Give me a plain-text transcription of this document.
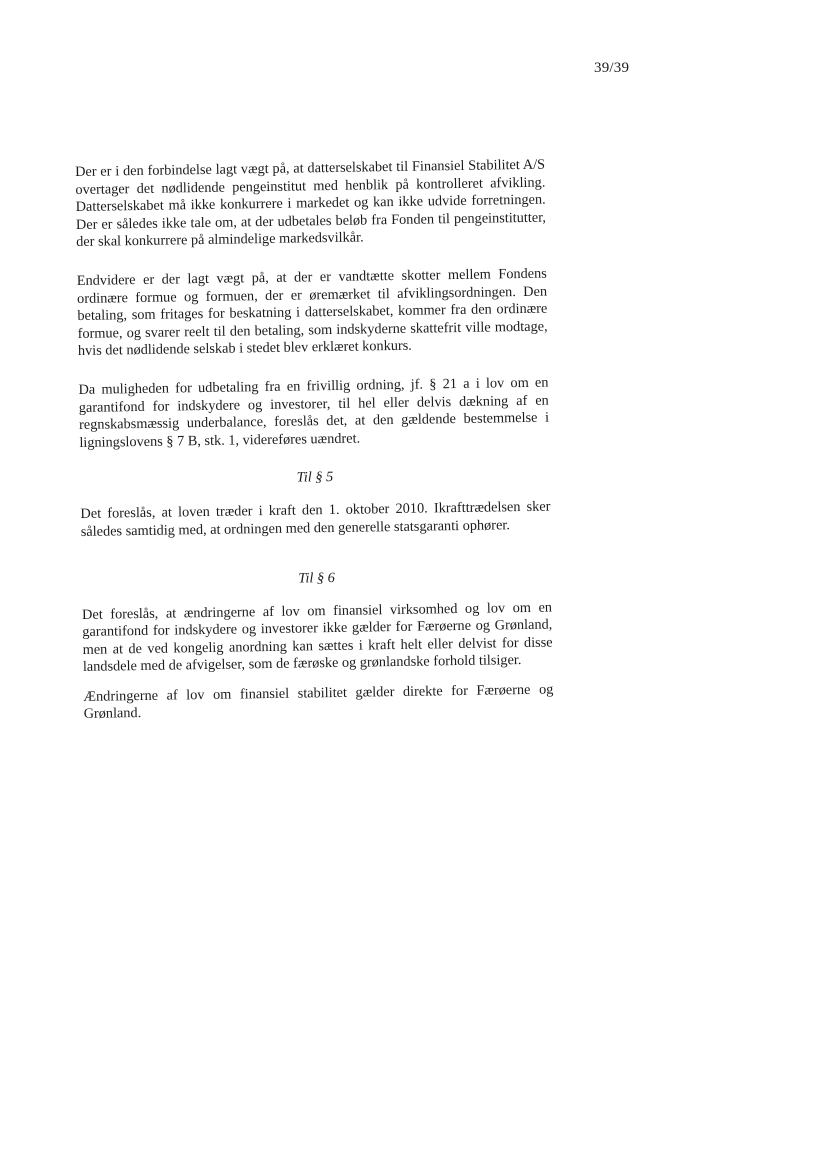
39/39

Der er i den forbindelse lagt vægt på, at datterselskabet til Finansiel Stabilitet A/S overtager det nødlidende pengeinstitut med henblik på kontrolleret afvikling. Datterselskabet må ikke konkurrere i markedet og kan ikke udvide forretningen. Der er således ikke tale om, at der udbetales beløb fra Fonden til pengeinstitutter, der skal konkurrere på almindelige markedsvilkår.

Endvidere er der lagt vægt på, at der er vandtætte skotter mellem Fondens ordinære formue og formuen, der er øremærket til afviklingsordningen. Den betaling, som fritages for beskatning i datterselskabet, kommer fra den ordinære formue, og svarer reelt til den betaling, som indskyderne skattefrit ville modtage, hvis det nødlidende selskab i stedet blev erklæret konkurs.

Da muligheden for udbetaling fra en frivillig ordning, jf. § 21 a i lov om en garantifond for indskydere og investorer, til hel eller delvis dækning af en regnskabsmæssig underbalance, foreslås det, at den gældende bestemmelse i ligningslovens § 7 B, stk. 1, videreføres uændret.

Til § 5

Det foreslås, at loven træder i kraft den 1. oktober 2010. Ikrafttrædelsen sker således samtidig med, at ordningen med den generelle statsgaranti ophører.

Til § 6

Det foreslås, at ændringerne af lov om finansiel virksomhed og lov om en garantifond for indskydere og investorer ikke gælder for Færøerne og Grønland, men at de ved kongelig anordning kan sættes i kraft helt eller delvist for disse landsdele med de afvigelser, som de færøske og grønlandske forhold tilsiger.

Ændringerne af lov om finansiel stabilitet gælder direkte for Færøerne og Grønland.
